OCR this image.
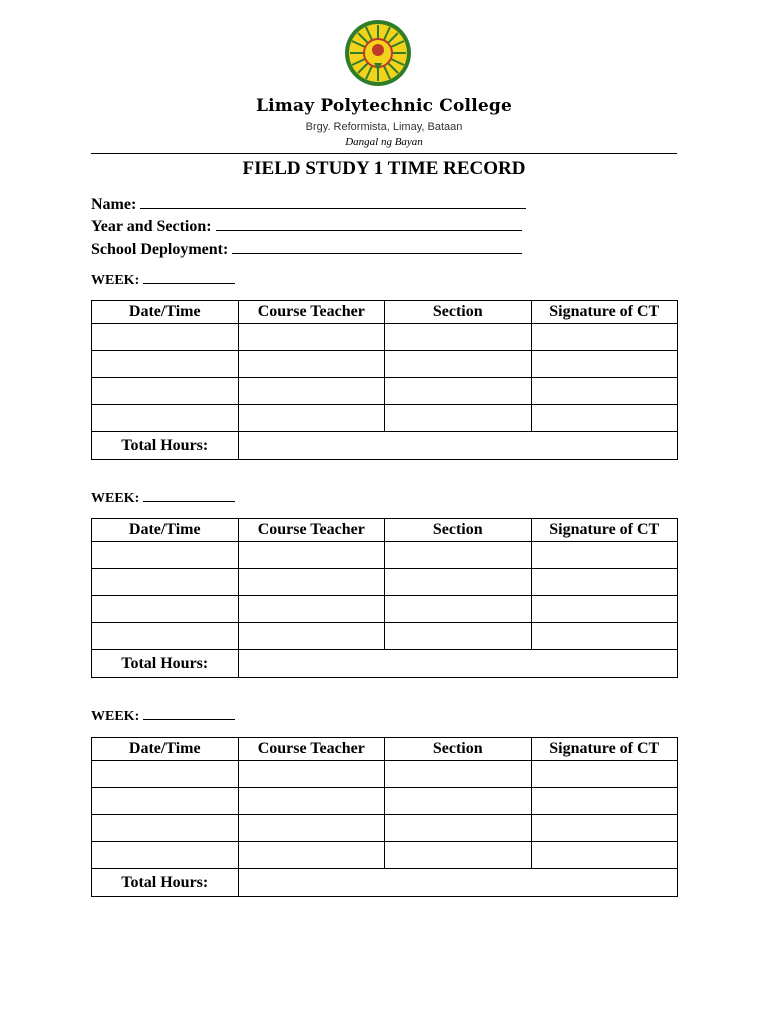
Limay Polytechnic College
Brgy. Reformista, Limay, Bataan
Dangal ng Bayan
FIELD STUDY 1 TIME RECORD
Name:
Year and Section:
School Deployment:
WEEK:
Date/Time	Course Teacher	Section	Signature of CT

Total Hours:			
WEEK:
Date/Time	Course Teacher	Section	Signature of CT

Total Hours:			
WEEK:
Date/Time	Course Teacher	Section	Signature of CT

Total Hours:			
